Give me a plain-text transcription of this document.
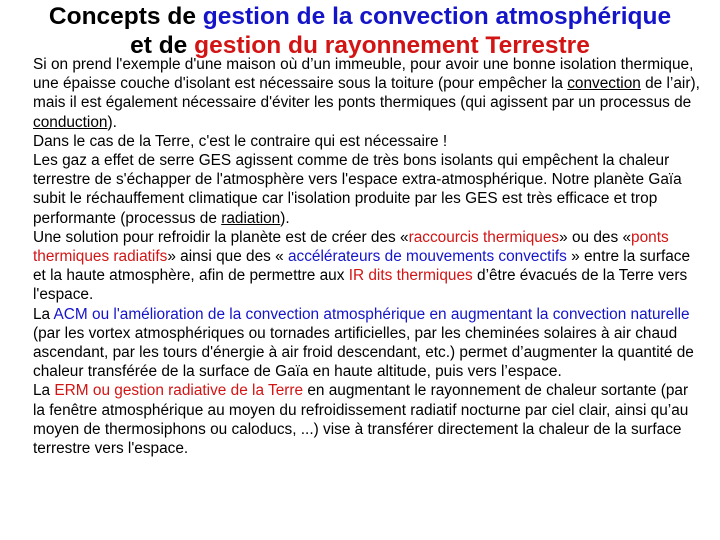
Concepts de gestion de la convection atmosphérique
et de gestion du rayonnement Terrestre

Si on prend l'exemple d'une maison où d’un immeuble, pour avoir une bonne isolation thermique, une épaisse couche d'isolant est nécessaire sous la toiture (pour empêcher la convection de l’air), mais il est également nécessaire d'éviter les ponts thermiques (qui agissent par un processus de conduction).

Dans le cas de la Terre, c'est le contraire qui est nécessaire !

Les gaz a effet de serre GES agissent comme de très bons isolants qui empêchent la chaleur terrestre de s'échapper de l'atmosphère vers l'espace extra-atmosphérique. Notre planète Gaïa subit le réchauffement climatique car l'isolation produite par les GES est très efficace et trop performante (processus de radiation).

Une solution pour refroidir la planète est de créer des «raccourcis thermiques» ou des «ponts thermiques radiatifs» ainsi que des « accélérateurs de mouvements convectifs » entre la surface et la haute atmosphère, afin de permettre aux IR dits thermiques d’être évacués de la Terre vers l'espace.

La ACM ou l'amélioration de la convection atmosphérique en augmentant la convection naturelle (par les vortex atmosphériques ou tornades artificielles, par les cheminées solaires à air chaud ascendant, par les tours d'énergie à air froid descendant, etc.) permet d’augmenter la quantité de chaleur transférée de la surface de Gaïa en haute altitude, puis vers l’espace.

La ERM ou gestion radiative de la Terre en augmentant le rayonnement de chaleur sortante (par la fenêtre atmosphérique au moyen du refroidissement radiatif nocturne par ciel clair, ainsi qu’au moyen de thermosiphons ou caloducs, ...) vise à transférer directement la chaleur de la surface terrestre vers l'espace.
